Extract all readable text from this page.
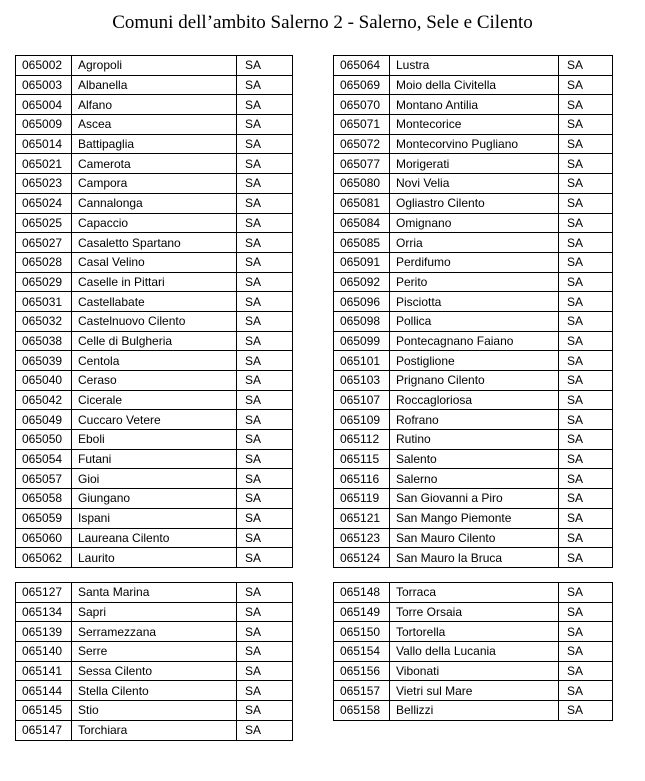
Comuni dell’ambito Salerno 2 - Salerno, Sele e Cilento
065002	Agropoli	SA
065003	Albanella	SA
065004	Alfano	SA
065009	Ascea	SA
065014	Battipaglia	SA
065021	Camerota	SA
065023	Campora	SA
065024	Cannalonga	SA
065025	Capaccio	SA
065027	Casaletto Spartano	SA
065028	Casal Velino	SA
065029	Caselle in Pittari	SA
065031	Castellabate	SA
065032	Castelnuovo Cilento	SA
065038	Celle di Bulgheria	SA
065039	Centola	SA
065040	Ceraso	SA
065042	Cicerale	SA
065049	Cuccaro Vetere	SA
065050	Eboli	SA
065054	Futani	SA
065057	Gioi	SA
065058	Giungano	SA
065059	Ispani	SA
065060	Laureana Cilento	SA
065062	Laurito	SA
065064	Lustra	SA
065069	Moio della Civitella	SA
065070	Montano Antilia	SA
065071	Montecorice	SA
065072	Montecorvino Pugliano	SA
065077	Morigerati	SA
065080	Novi Velia	SA
065081	Ogliastro Cilento	SA
065084	Omignano	SA
065085	Orria	SA
065091	Perdifumo	SA
065092	Perito	SA
065096	Pisciotta	SA
065098	Pollica	SA
065099	Pontecagnano Faiano	SA
065101	Postiglione	SA
065103	Prignano Cilento	SA
065107	Roccagloriosa	SA
065109	Rofrano	SA
065112	Rutino	SA
065115	Salento	SA
065116	Salerno	SA
065119	San Giovanni a Piro	SA
065121	San Mango Piemonte	SA
065123	San Mauro Cilento	SA
065124	San Mauro la Bruca	SA
065127	Santa Marina	SA
065134	Sapri	SA
065139	Serramezzana	SA
065140	Serre	SA
065141	Sessa Cilento	SA
065144	Stella Cilento	SA
065145	Stio	SA
065147	Torchiara	SA
065148	Torraca	SA
065149	Torre Orsaia	SA
065150	Tortorella	SA
065154	Vallo della Lucania	SA
065156	Vibonati	SA
065157	Vietri sul Mare	SA
065158	Bellizzi	SA
